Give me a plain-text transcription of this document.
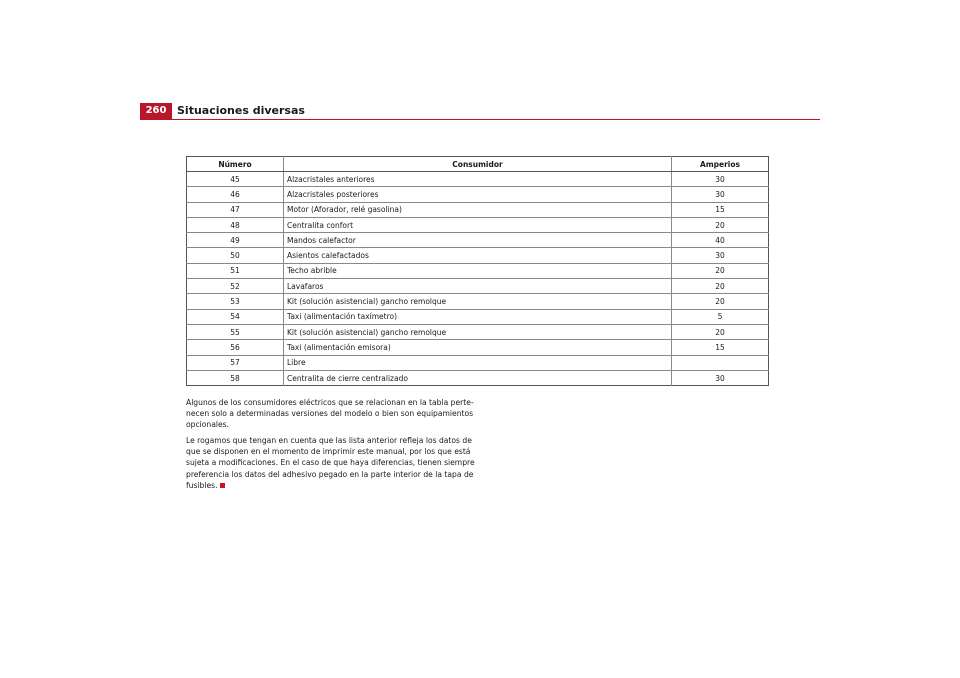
260 Situaciones diversas
Número	Consumidor	Amperios
45	Alzacristales anteriores	30
46	Alzacristales posteriores	30
47	Motor (Aforador, relé gasolina)	15
48	Centralita confort	20
49	Mandos calefactor	40
50	Asientos calefactados	30
51	Techo abrible	20
52	Lavafaros	20
53	Kit (solución asistencial) gancho remolque	20
54	Taxi (alimentación taxímetro)	5
55	Kit (solución asistencial) gancho remolque	20
56	Taxi (alimentación emisora)	15
57	Libre	
58	Centralita de cierre centralizado	30

Algunos de los consumidores eléctricos que se relacionan en la tabla perte-necen solo a determinadas versiones del modelo o bien son equipamientos opcionales.

Le rogamos que tengan en cuenta que las lista anterior refleja los datos de que se disponen en el momento de imprimir este manual, por los que está sujeta a modificaciones. En el caso de que haya diferencias, tienen siempre preferencia los datos del adhesivo pegado en la parte interior de la tapa de fusibles.
